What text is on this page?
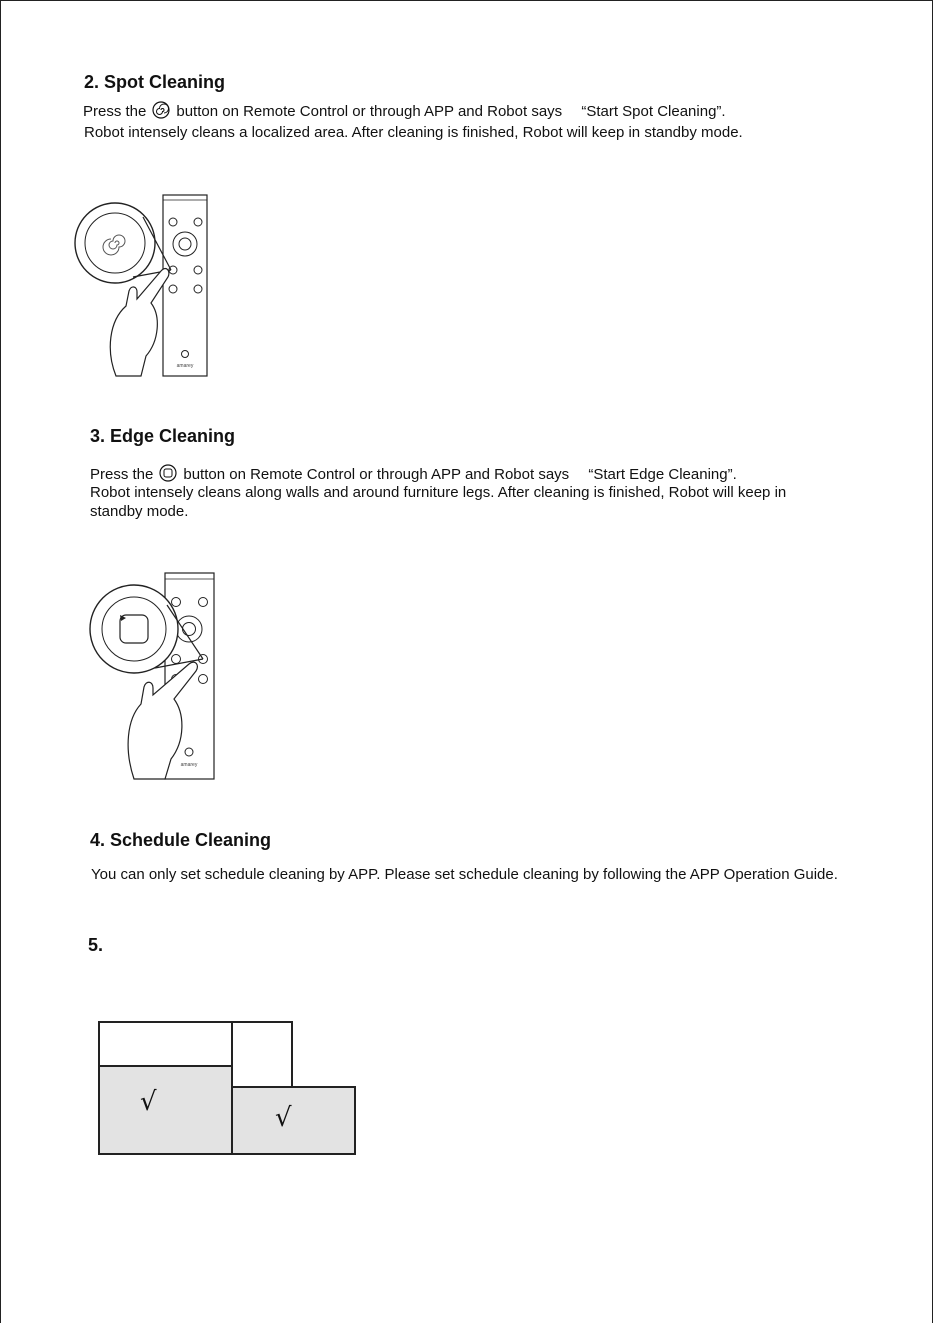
2. Spot Cleaning

Press the button on Remote Control or through APP and Robot says 　“Start Spot Cleaning”.

Robot intensely cleans a localized area. After cleaning is finished, Robot will keep in standby mode.

amarey
3. Edge Cleaning

Press the button on Remote Control or through APP and Robot says 　“Start Edge Cleaning”.

Robot intensely cleans along walls and around furniture legs. After cleaning is finished, Robot will keep in

standby mode.

amarey
4. Schedule Cleaning

You can only set schedule cleaning by APP. Please set schedule cleaning by following the APP Operation Guide.

5.
√
√
